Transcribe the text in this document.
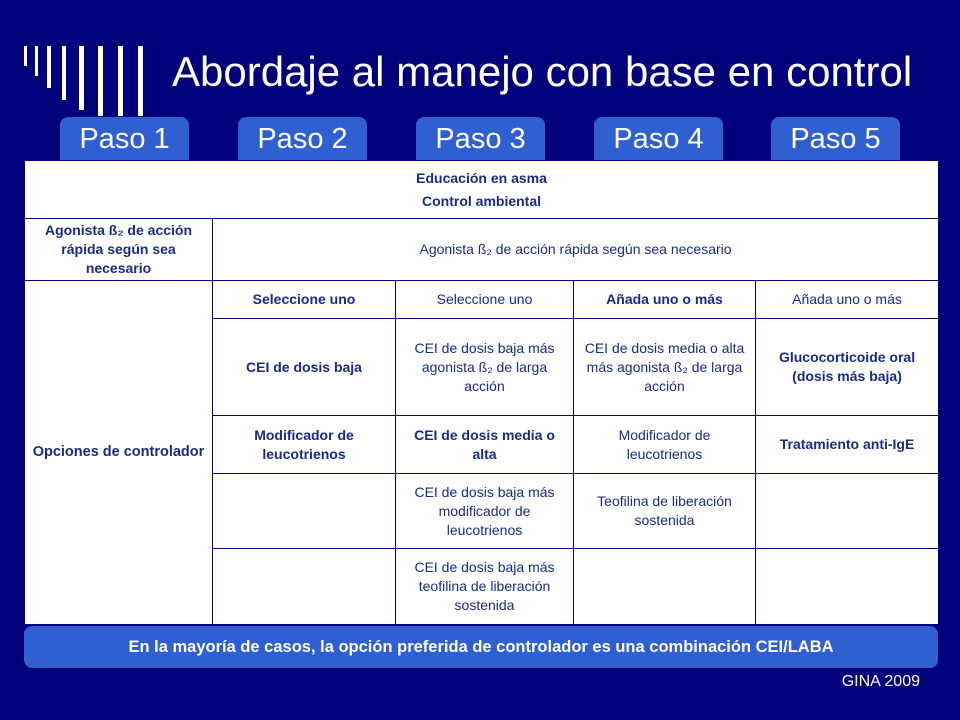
Abordaje al manejo con base en control
Paso 1	Paso 2	Paso 3	Paso 4	Paso 5
Educación en asma
Control ambiental				

Agonista ß₂ de acción rápida según sea necesario	Agonista ß₂ de acción rápida según sea necesario			
Opciones de controlador	Seleccione uno	Seleccione uno	Añada uno o más	Añada uno o más
	CEI de dosis baja	CEI de dosis baja más agonista ß₂ de larga acción	CEI de dosis media o alta más agonista ß₂ de larga acción	Glucocorticoide oral (dosis más baja)
	Modificador de leucotrienos	CEI de dosis media o alta	Modificador de leucotrienos	Tratamiento anti-IgE
		CEI de dosis baja más modificador de leucotrienos	Teofilina de liberación sostenida	
		CEI de dosis baja más teofilina de liberación sostenida		
En la mayoría de casos, la opción preferida de controlador es una combinación CEI/LABA
GINA 2009
